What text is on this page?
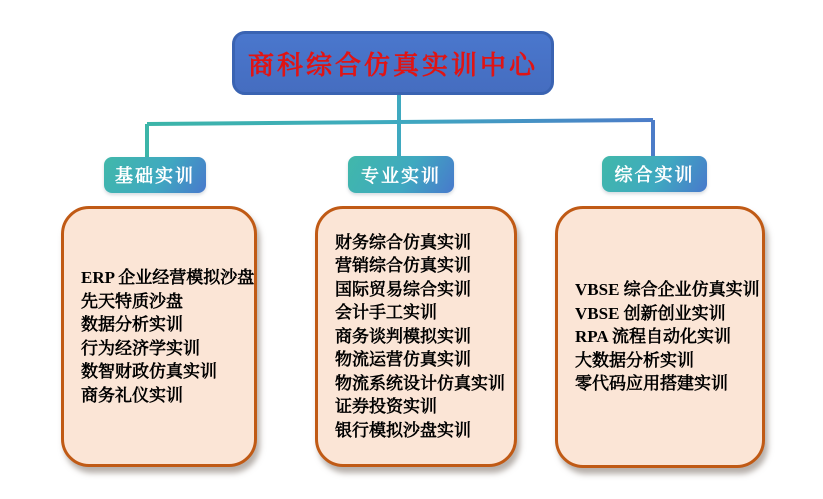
商科综合仿真实训中心
基础实训	专业实训	综合实训
ERP 企业经营模拟沙盘
先天特质沙盘
数据分析实训
行为经济学实训
数智财政仿真实训
商务礼仪实训
财务综合仿真实训
营销综合仿真实训
国际贸易综合实训
会计手工实训
商务谈判模拟实训
物流运营仿真实训
物流系统设计仿真实训
证券投资实训
银行模拟沙盘实训
VBSE 综合企业仿真实训
VBSE 创新创业实训
RPA 流程自动化实训
大数据分析实训
零代码应用搭建实训
